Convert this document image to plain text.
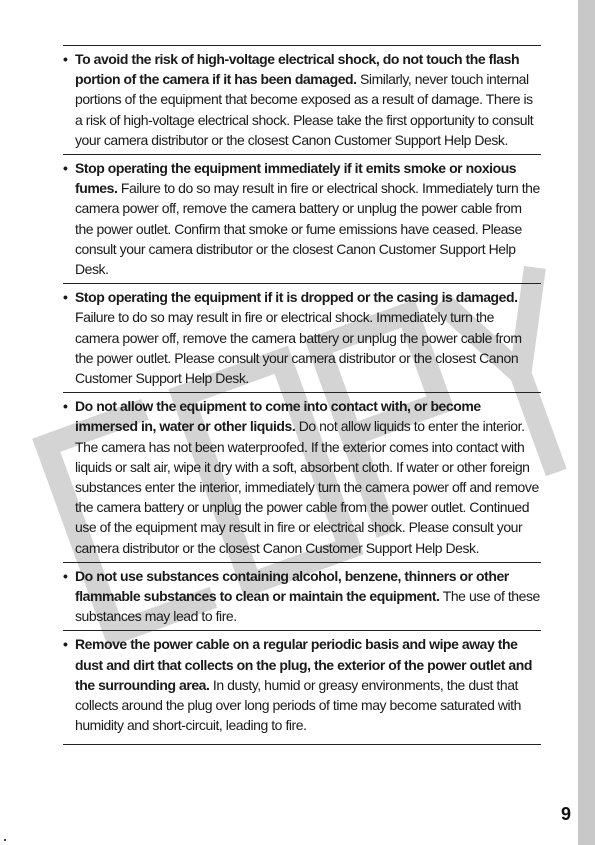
• To avoid the risk of high-voltage electrical shock, do not touch the flash portion of the camera if it has been damaged. Similarly, never touch internal portions of the equipment that become exposed as a result of damage. There is a risk of high-voltage electrical shock. Please take the first opportunity to consult your camera distributor or the closest Canon Customer Support Help Desk.
• Stop operating the equipment immediately if it emits smoke or noxious fumes. Failure to do so may result in fire or electrical shock. Immediately turn the camera power off, remove the camera battery or unplug the power cable from the power outlet. Confirm that smoke or fume emissions have ceased. Please consult your camera distributor or the closest Canon Customer Support Help Desk.
• Stop operating the equipment if it is dropped or the casing is damaged. Failure to do so may result in fire or electrical shock. Immediately turn the camera power off, remove the camera battery or unplug the power cable from the power outlet. Please consult your camera distributor or the closest Canon Customer Support Help Desk.
• Do not allow the equipment to come into contact with, or become immersed in, water or other liquids. Do not allow liquids to enter the interior. The camera has not been waterproofed. If the exterior comes into contact with liquids or salt air, wipe it dry with a soft, absorbent cloth. If water or other foreign substances enter the interior, immediately turn the camera power off and remove the camera battery or unplug the power cable from the power outlet. Continued use of the equipment may result in fire or electrical shock. Please consult your camera distributor or the closest Canon Customer Support Help Desk.
• Do not use substances containing alcohol, benzene, thinners or other flammable substances to clean or maintain the equipment. The use of these substances may lead to fire.
• Remove the power cable on a regular periodic basis and wipe away the dust and dirt that collects on the plug, the exterior of the power outlet and the surrounding area. In dusty, humid or greasy environments, the dust that collects around the plug over long periods of time may become saturated with humidity and short-circuit, leading to fire.
9
